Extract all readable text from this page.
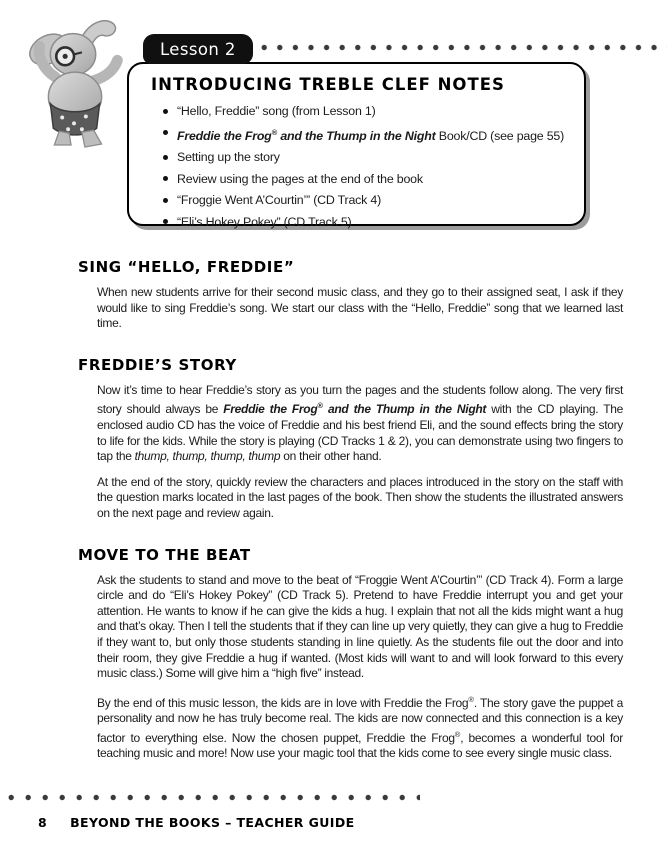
Lesson 2
INTRODUCING TREBLE CLEF NOTES
“Hello, Freddie” song (from Lesson 1)
Freddie the Frog® and the Thump in the Night Book/CD (see page 55)
Setting up the story
Review using the pages at the end of the book
“Froggie Went A’Courtin’” (CD Track 4)
“Eli’s Hokey Pokey” (CD Track 5)
SING “HELLO, FREDDIE”

When new students arrive for their second music class, and they go to their assigned seat, I ask if they would like to sing Freddie’s song. We start our class with the “Hello, Freddie” song that we learned last time.

FREDDIE’S STORY

Now it’s time to hear Freddie’s story as you turn the pages and the students follow along. The very first story should always be Freddie the Frog® and the Thump in the Night with the CD playing. The enclosed audio CD has the voice of Freddie and his best friend Eli, and the sound effects bring the story to life for the kids. While the story is playing (CD Tracks 1 & 2), you can demonstrate using two fingers to tap the thump, thump, thump, thump on their other hand.

At the end of the story, quickly review the characters and places introduced in the story on the staff with the question marks located in the last pages of the book. Then show the students the illustrated answers on the next page and review again.

MOVE TO THE BEAT

Ask the students to stand and move to the beat of “Froggie Went A’Courtin’” (CD Track 4). Form a large circle and do “Eli’s Hokey Pokey” (CD Track 5). Pretend to have Freddie interrupt you and get your attention. He wants to know if he can give the kids a hug. I explain that not all the kids might want a hug and that’s okay. Then I tell the students that if they can line up very quietly, they can give a hug to Freddie if they want to, but only those students standing in line quietly. As the students file out the door and into their room, they give Freddie a hug if wanted. (Most kids will want to and will look forward to this every music class.) Some will give him a “high five” instead.

By the end of this music lesson, the kids are in love with Freddie the Frog®. The story gave the puppet a personality and now he has truly become real. The kids are now connected and this connection is a key factor to everything else. Now the chosen puppet, Freddie the Frog®, becomes a wonderful tool for teaching music and more! Now use your magic tool that the kids come to see every single music class.

8 BEYOND THE BOOKS – TEACHER GUIDE
